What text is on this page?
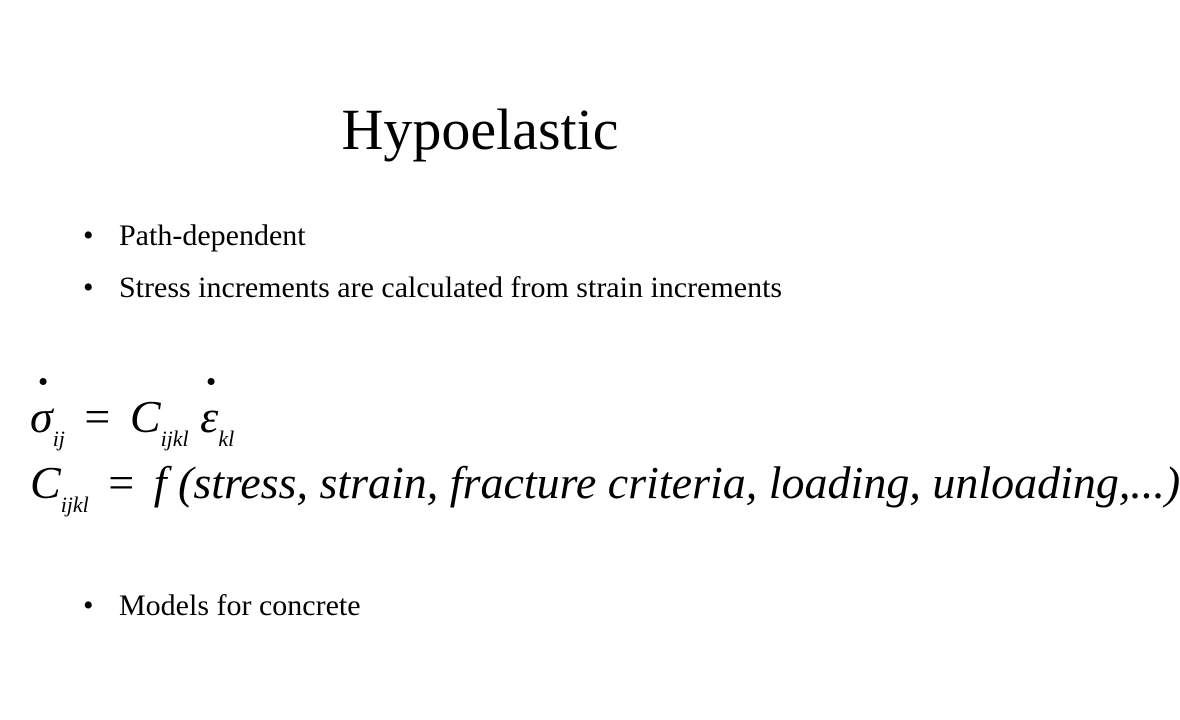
Hypoelastic
• Path-dependent
• Stress increments are calculated from strain increments
σ
$_{ij} = C_{ijkl}$ ε
$_{kl}$
$C_{ijkl} = f$ (stress, strain, fracture criteria, loading, unloading,...)
• Models for concrete
